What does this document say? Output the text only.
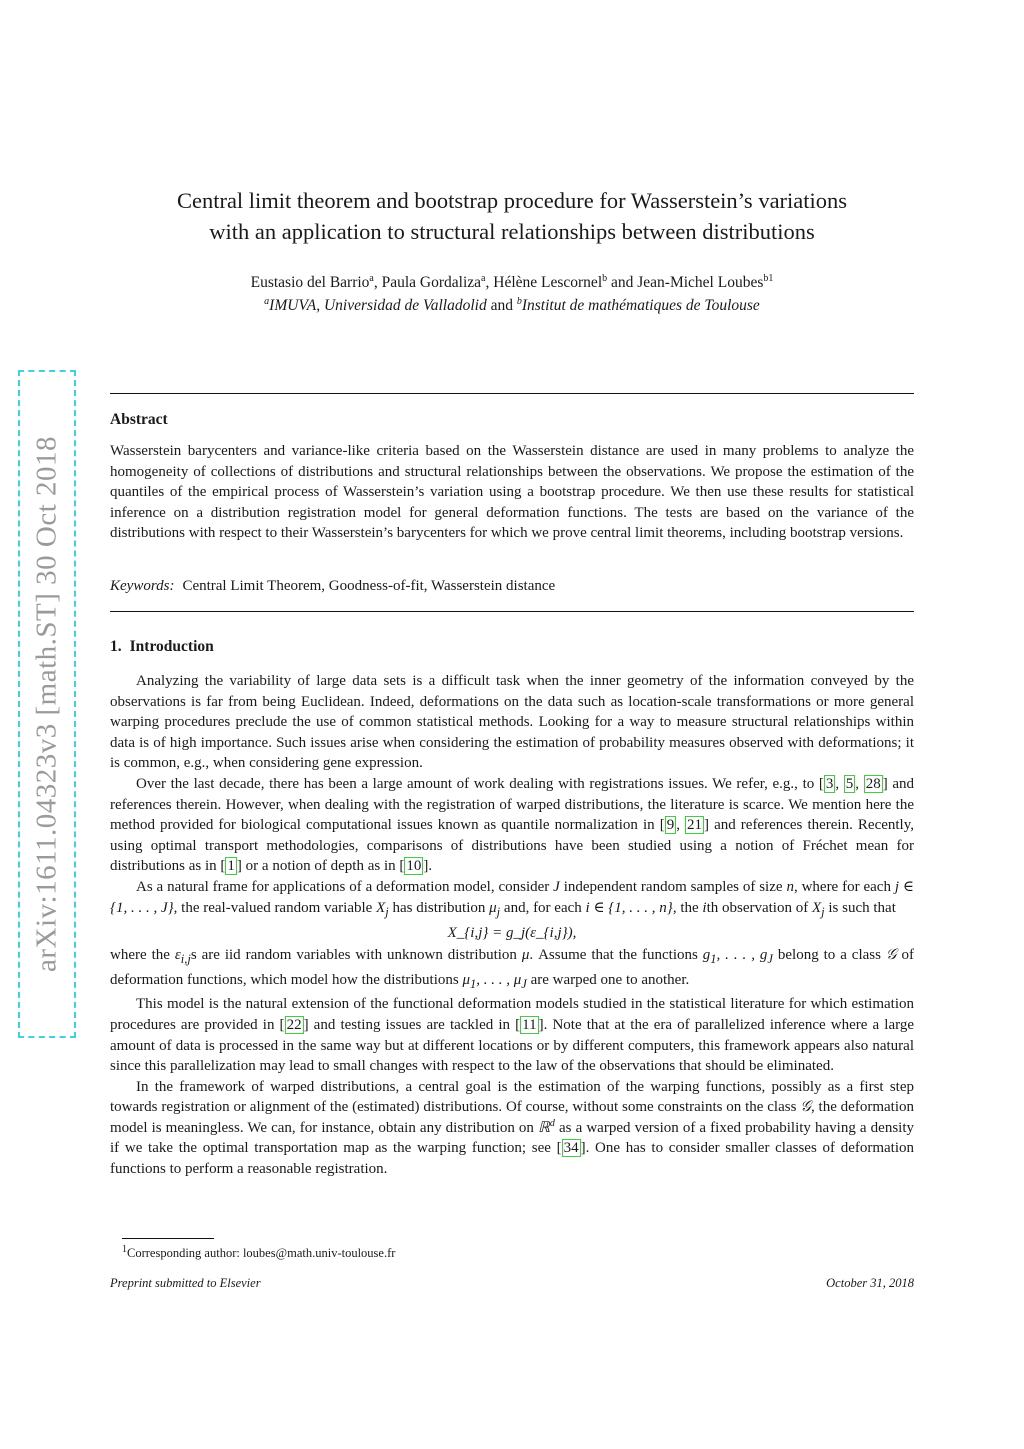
arXiv:1611.04323v3 [math.ST] 30 Oct 2018
Central limit theorem and bootstrap procedure for Wasserstein’s variations
with an application to structural relationships between distributions
Eustasio del Barrio$^a$, Paula Gordaliza$^a$, Hélène Lescornel$^b$ and Jean-Michel Loubes$^{b1}$
$^a$IMUVA, Universidad de Valladolid and $^b$Institut de mathématiques de Toulouse
Abstract
Wasserstein barycenters and variance-like criteria based on the Wasserstein distance are used in many problems to analyze the homogeneity of collections of distributions and structural relationships between the observations. We propose the estimation of the quantiles of the empirical process of Wasserstein’s variation using a bootstrap procedure. We then use these results for statistical inference on a distribution registration model for general deformation functions. The tests are based on the variance of the distributions with respect to their Wasserstein’s barycenters for which we prove central limit theorems, including bootstrap versions.
Keywords: Central Limit Theorem, Goodness-of-fit, Wasserstein distance
1. Introduction

Analyzing the variability of large data sets is a difficult task when the inner geometry of the information conveyed by the observations is far from being Euclidean. Indeed, deformations on the data such as location-scale transformations or more general warping procedures preclude the use of common statistical methods. Looking for a way to measure structural relationships within data is of high importance. Such issues arise when considering the estimation of probability measures observed with deformations; it is common, e.g., when considering gene expression.

Over the last decade, there has been a large amount of work dealing with registrations issues. We refer, e.g., to [ 3 , 5 , 28 ] and references therein. However, when dealing with the registration of warped distributions, the literature is scarce. We mention here the method provided for biological computational issues known as quantile normalization in [ 9 , 21 ] and references therein. Recently, using optimal transport methodologies, comparisons of distributions have been studied using a notion of Fréchet mean for distributions as in [ 1 ] or a notion of depth as in [ 10 ].

As a natural frame for applications of a deformation model, consider J independent random samples of size n, where for each j ∈ {1, . . . , J}, the real-valued random variable $X_j$ has distribution $\mu_j$ and, for each i ∈ {1, . . . , n}, the ith observation of $X_j$ is such that

X_{i,j} = g_j(ε_{i,j}),

where the $\varepsilon_{i,j}s$ are iid random variables with unknown distribution μ. Assume that the functions $g_1$, . . . , $g_J$ belong to a class 𝒢 of deformation functions, which model how the distributions $\mu_1$, . . . , $\mu_J$ are warped one to another.

This model is the natural extension of the functional deformation models studied in the statistical literature for which estimation procedures are provided in [ 22 ] and testing issues are tackled in [ 11 ]. Note that at the era of parallelized inference where a large amount of data is processed in the same way but at different locations or by different computers, this framework appears also natural since this parallelization may lead to small changes with respect to the law of the observations that should be eliminated.

In the framework of warped distributions, a central goal is the estimation of the warping functions, possibly as a first step towards registration or alignment of the (estimated) distributions. Of course, without some constraints on the class 𝒢, the deformation model is meaningless. We can, for instance, obtain any distribution on ℝ$^d$ as a warped version of a fixed probability having a density if we take the optimal transportation map as the warping function; see [ 34 ]. One has to consider smaller classes of deformation functions to perform a reasonable registration.

$^1$Corresponding author: loubes@math.univ-toulouse.fr
Preprint submitted to Elsevier	October 31, 2018
